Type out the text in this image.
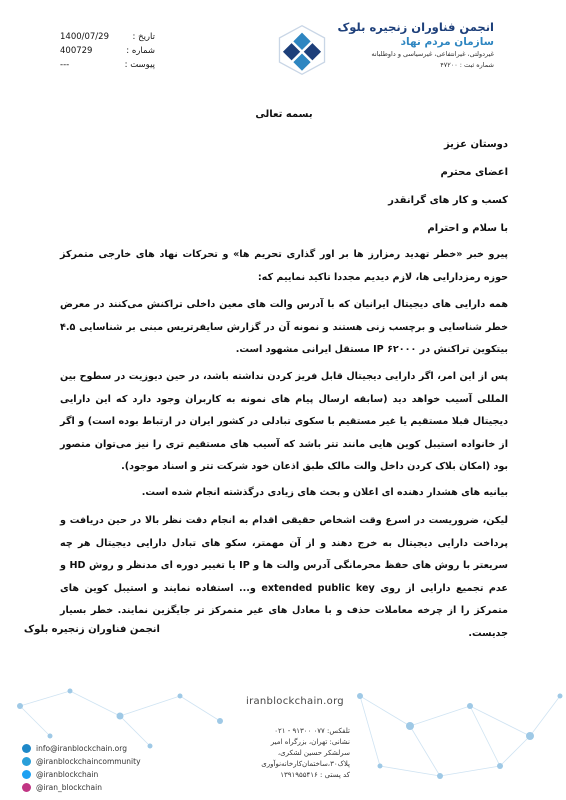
انجمن فناوران زنجیره بلوک

سازمان مردم نهاد

غیردولتی، غیرانتفاعی، غیرسیاسی و داوطلبانه

شماره ثبت : ۴۷۲۰۰

1400/07/29	تاریخ :
400729	شماره :
---	پیوست :

بسمه تعالی

دوستان عزیز

اعضای محترم

کسب و کار های گرانقدر

با سلام و احترام

پیرو خبر «خطر تهدید رمزارز ها بر اور گذاری تحریم ها» و تحرکات نهاد های خارجی متمرکز حوزه رمزدارایی ها، لازم دیدیم مجددا تاکید نماییم که:

همه دارایی های دیجیتال ایرانیان که با آدرس والت های معین داخلی تراکنش می‌کنند در معرض خطر شناسایی و برچسب زنی هستند و نمونه آن در گزارش سایفرتریس مبنی بر شناسایی ۴.۵ بیتکوین تراکنش در ۶۲۰۰۰ IP مستقل ایرانی مشهود است.

پس از این امر، اگر دارایی دیجیتال قابل فریز کردن نداشته باشد، در حین دیوزیت در سطوح بین المللی آسیب خواهد دید (سابقه ارسال پیام های نمونه به کاربران وجود دارد که این دارایی دیجیتال قبلا مستقیم یا غیر مستقیم با سکوی تبادلی در کشور ایران در ارتباط بوده است) و اگر از خانواده استیبل کوین هایی مانند تتر باشد که آسیب های مستقیم تری را نیز می‌توان متصور بود (امکان بلاک کردن داخل والت مالک طبق اذعان خود شرکت تتر و اسناد موجود).

بیانیه های هشدار دهنده ای اعلان و بحث های زیادی درگذشته انجام شده است.

لیکن، ضروریست در اسرع وقت اشخاص حقیقی اقدام به انجام دقت نظر بالا در حین دریافت و پرداخت دارایی دیجیتال به خرج دهند و از آن مهمتر، سکو های تبادل دارایی دیجیتال هر چه سریعتر با روش های حفظ محرمانگی آدرس والت ها و IP یا تغییر دوره ای مدنظر و روش HD و عدم تجمیع دارایی از روی extended public key و... استفاده نمایند و استیبل کوین های متمرکز را از چرخه معاملات حذف و با معادل های غیر متمرکز تر جایگزین نمایند. خطر بسیار جدیست.

انجمن فناوران زنجیره بلوک

iranblockchain.org

تلفکس: ۰۷۷ ۹۱۳۰۰ - ۰۲۱

نشانی: تهران، بزرگراه امیر

سرلشکر حسین لشکری،

پلاک۳۰،ساختمان‌کارخانه‌نوآوری

کد پستی : ۱۳۹۱۹۵۵۴۱۶

info@iranblockchain.org
@iranblockchaincommunity
@iranblockchain
@iran_blockchain
